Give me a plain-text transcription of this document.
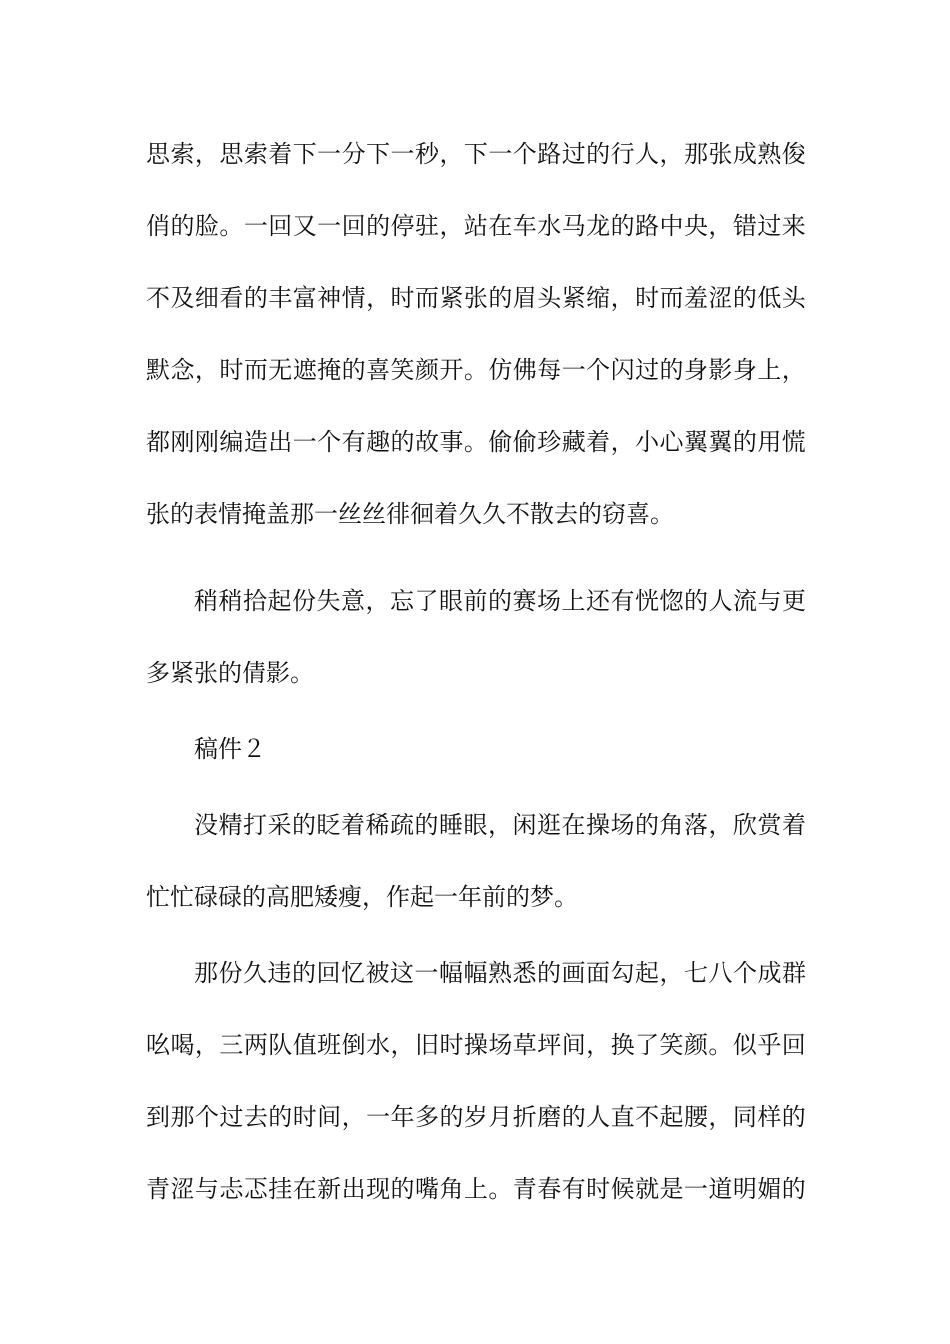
思 索 ， 思 索 着 下 一 分 下 一 秒 ， 下 一 个 路 过 的 行 人 ， 那 张 成 熟 俊
俏 的 脸 。 一 回 又 一 回 的 停 驻 ， 站 在 车 水 马 龙 的 路 中 央 ， 错 过 来
不 及 细 看 的 丰 富 神 情 ， 时 而 紧 张 的 眉 头 紧 缩 ， 时 而 羞 涩 的 低 头
默 念 ， 时 而 无 遮 掩 的 喜 笑 颜 开 。 仿 佛 每 一 个 闪 过 的 身 影 身 上 ，
都 刚 刚 编 造 出 一 个 有 趣 的 故 事 。 偷 偷 珍 藏 着 ， 小 心 翼 翼 的 用 慌
张的表情掩盖那一丝丝徘徊着久久不散去的窃喜。
稍 稍 拾 起 份 失 意 ， 忘 了 眼 前 的 赛 场 上 还 有 恍 惚 的 人 流 与 更
多紧张的倩影。
稿件２
没 精 打 采 的 眨 着 稀 疏 的 睡 眼 ， 闲 逛 在 操 场 的 角 落 ， 欣 赏 着
忙忙碌碌的高肥矮瘦，作起一年前的梦。
那 份 久 违 的 回 忆 被 这 一 幅 幅 熟 悉 的 画 面 勾 起 ， 七 八 个 成 群
吆 喝 ， 三 两 队 值 班 倒 水 ， 旧 时 操 场 草 坪 间 ， 换 了 笑 颜 。 似 乎 回
到 那 个 过 去 的 时 间 ， 一 年 多 的 岁 月 折 磨 的 人 直 不 起 腰 ， 同 样 的
青 涩 与 忐 忑 挂 在 新 出 现 的 嘴 角 上 。 青 春 有 时 候 就 是 一 道 明 媚 的
